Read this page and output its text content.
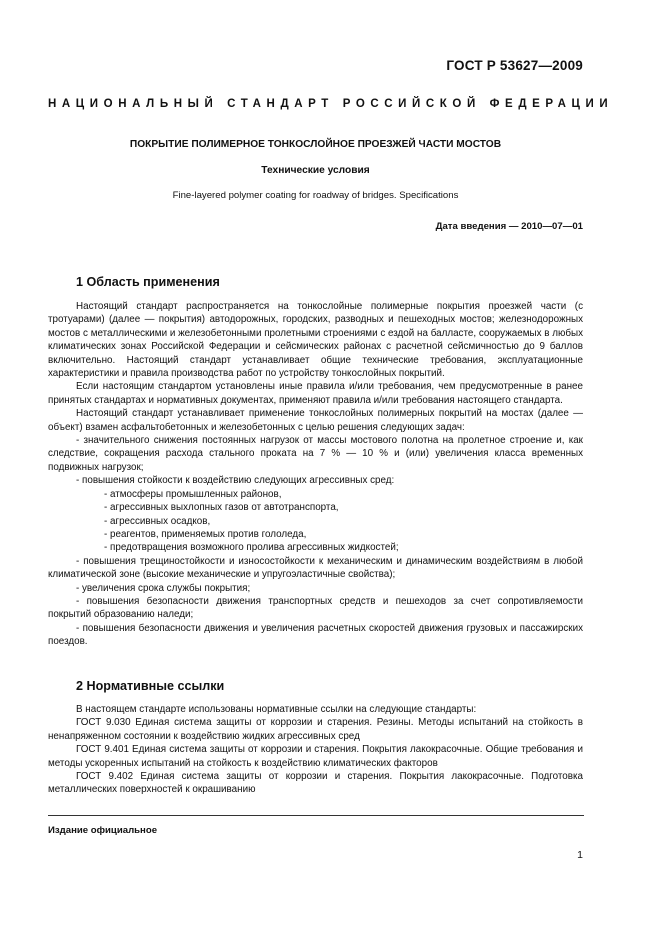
ГОСТ Р 53627—2009
НАЦИОНАЛЬНЫЙ СТАНДАРТ РОССИЙСКОЙ ФЕДЕРАЦИИ
ПОКРЫТИЕ ПОЛИМЕРНОЕ ТОНКОСЛОЙНОЕ ПРОЕЗЖЕЙ ЧАСТИ МОСТОВ
Технические условия
Fine-layered polymer coating for roadway of bridges. Specifications
Дата введения — 2010—07—01
1 Область применения

Настоящий стандарт распространяется на тонкослойные полимерные покрытия проезжей части (с тротуарами) (далее — покрытия) автодорожных, городских, разводных и пешеходных мостов; железнодорожных мостов с металлическими и железобетонными пролетными строениями с ездой на балласте, сооружаемых в любых климатических зонах Российской Федерации и сейсмических районах с расчетной сейсмичностью до 9 баллов включительно. Настоящий стандарт устанавливает общие технические требования, эксплуатационные характеристики и правила производства работ по устройству тонкослойных покрытий.

Если настоящим стандартом установлены иные правила и/или требования, чем предусмотренные в ранее принятых стандартах и нормативных документах, применяют правила и/или требования настоящего стандарта.

Настоящий стандарт устанавливает применение тонкослойных полимерных покрытий на мостах (далее — объект) взамен асфальтобетонных и железобетонных с целью решения следующих задач:

- значительного снижения постоянных нагрузок от массы мостового полотна на пролетное строение и, как следствие, сокращения расхода стального проката на 7 % — 10 % и (или) увеличения класса временных подвижных нагрузок;

- повышения стойкости к воздействию следующих агрессивных сред:

- атмосферы промышленных районов,

- агрессивных выхлопных газов от автотранспорта,

- агрессивных осадков,

- реагентов, применяемых против гололеда,

- предотвращения возможного пролива агрессивных жидкостей;

- повышения трещиностойкости и износостойкости к механическим и динамическим воздействиям в любой климатической зоне (высокие механические и упругоэластичные свойства);

- увеличения срока службы покрытия;

- повышения безопасности движения транспортных средств и пешеходов за счет сопротивляемости покрытий образованию наледи;

- повышения безопасности движения и увеличения расчетных скоростей движения грузовых и пассажирских поездов.

2 Нормативные ссылки

В настоящем стандарте использованы нормативные ссылки на следующие стандарты:

ГОСТ 9.030 Единая система защиты от коррозии и старения. Резины. Методы испытаний на стойкость в ненапряженном состоянии к воздействию жидких агрессивных сред

ГОСТ 9.401 Единая система защиты от коррозии и старения. Покрытия лакокрасочные. Общие требования и методы ускоренных испытаний на стойкость к воздействию климатических факторов

ГОСТ 9.402 Единая система защиты от коррозии и старения. Покрытия лакокрасочные. Подготовка металлических поверхностей к окрашиванию

Издание официальное
1
